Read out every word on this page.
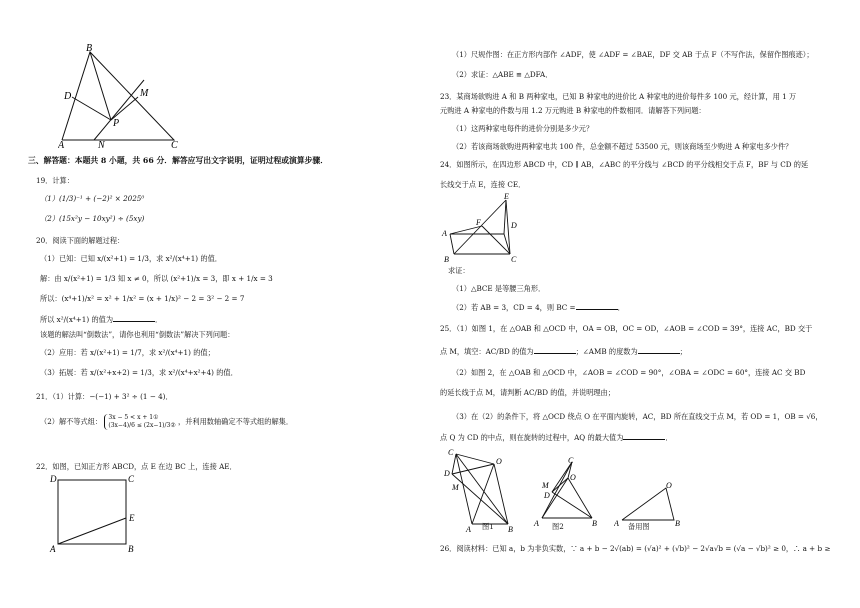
B
D	M
P
A	N	C
三、解答题：本题共 8 小题，共 66 分．解答应写出文字说明，证明过程或演算步骤．
19．计算：
（1）(1/3)⁻¹ + (−2)² × 2025⁰
（2）(15x²y − 10xy²) ÷ (5xy)
20．阅读下面的解题过程：
（1）已知：已知 x/(x²+1) = 1/3，求 x²/(x⁴+1) 的值．
解：由 x/(x²+1) = 1/3 知 x ≠ 0，所以 (x²+1)/x = 3，即 x + 1/x = 3
所以：(x⁴+1)/x² = x² + 1/x² = (x + 1/x)² − 2 = 3² − 2 = 7
所以 x²/(x⁴+1) 的值为	．
该题的解法叫“倒数法”，请你也利用“倒数法”解决下列问题：
（2）应用：若 x/(x²+1) = 1/7，求 x²/(x⁴+1) 的值；
（3）拓展：若 x/(x²+x+2) = 1/3，求 x²/(x⁴+x²+4) 的值．
21．（1）计算：−(−1) + 3² ÷ (1 − 4)．
（2）解不等式组： 3x − 5 < x + 1①
(3x−4)/6 ≤ (2x−1)/3② ，并利用数轴确定不等式组的解集．
22．如图，已知正方形 ABCD，点 E 在边 BC 上，连接 AE．
D	C
E
A	B
（1）尺规作图：在正方形内部作 ∠ADF，使 ∠ADF = ∠BAE，DF 交 AB 于点 F（不写作法，保留作图痕迹）；
（2）求证：△ABE ≌ △DFA．
23．某商场欲购进 A 和 B 两种家电，已知 B 种家电的进价比 A 种家电的进价每件多 100 元，经计算，用 1 万
元购进 A 种家电的件数与用 1.2 万元购进 B 种家电的件数相同．请解答下列问题：
（1）这两种家电每件的进价分别是多少元？
（2）若该商场欲购进两种家电共 100 件，总金额不超过 53500 元，则该商场至少购进 A 种家电多少件？
24．如图所示，在四边形 ABCD 中，CD ∥ AB，∠ABC 的平分线与 ∠BCD 的平分线相交于点 F，BF 与 CD 的延
长线交于点 E，连接 CE．
E
F	D
A
B	C
求证：
（1）△BCE 是等腰三角形．
（2）若 AB = 3，CD = 4，则 BC =	．
25．（1）如图 1，在 △OAB 和 △OCD 中，OA = OB，OC = OD，∠AOB = ∠COD = 39°，连接 AC，BD 交于
点 M，填空：AC/BD 的值为	；∠AMB 的度数为	；
（2）如图 2，在 △OAB 和 △OCD 中，∠AOB = ∠COD = 90°，∠OBA = ∠ODC = 60°，连接 AC 交 BD
的延长线于点 M，请判断 AC/BD 的值，并说明理由；
（3）在（2）的条件下，将 △OCD 绕点 O 在平面内旋转，AC，BD 所在直线交于点 M，若 OD = 1，OB = √6，
点 Q 为 CD 的中点，则在旋转的过程中，AQ 的最大值为	．
C
O
D
M
A	B
图1
C
M
D
O
A	B
图2
O
A	B
备用图
26．阅读材料：已知 a，b 为非负实数，∵ a + b − 2√(ab) = (√a)² + (√b)² − 2√a√b = (√a − √b)² ≥ 0，∴ a + b ≥
